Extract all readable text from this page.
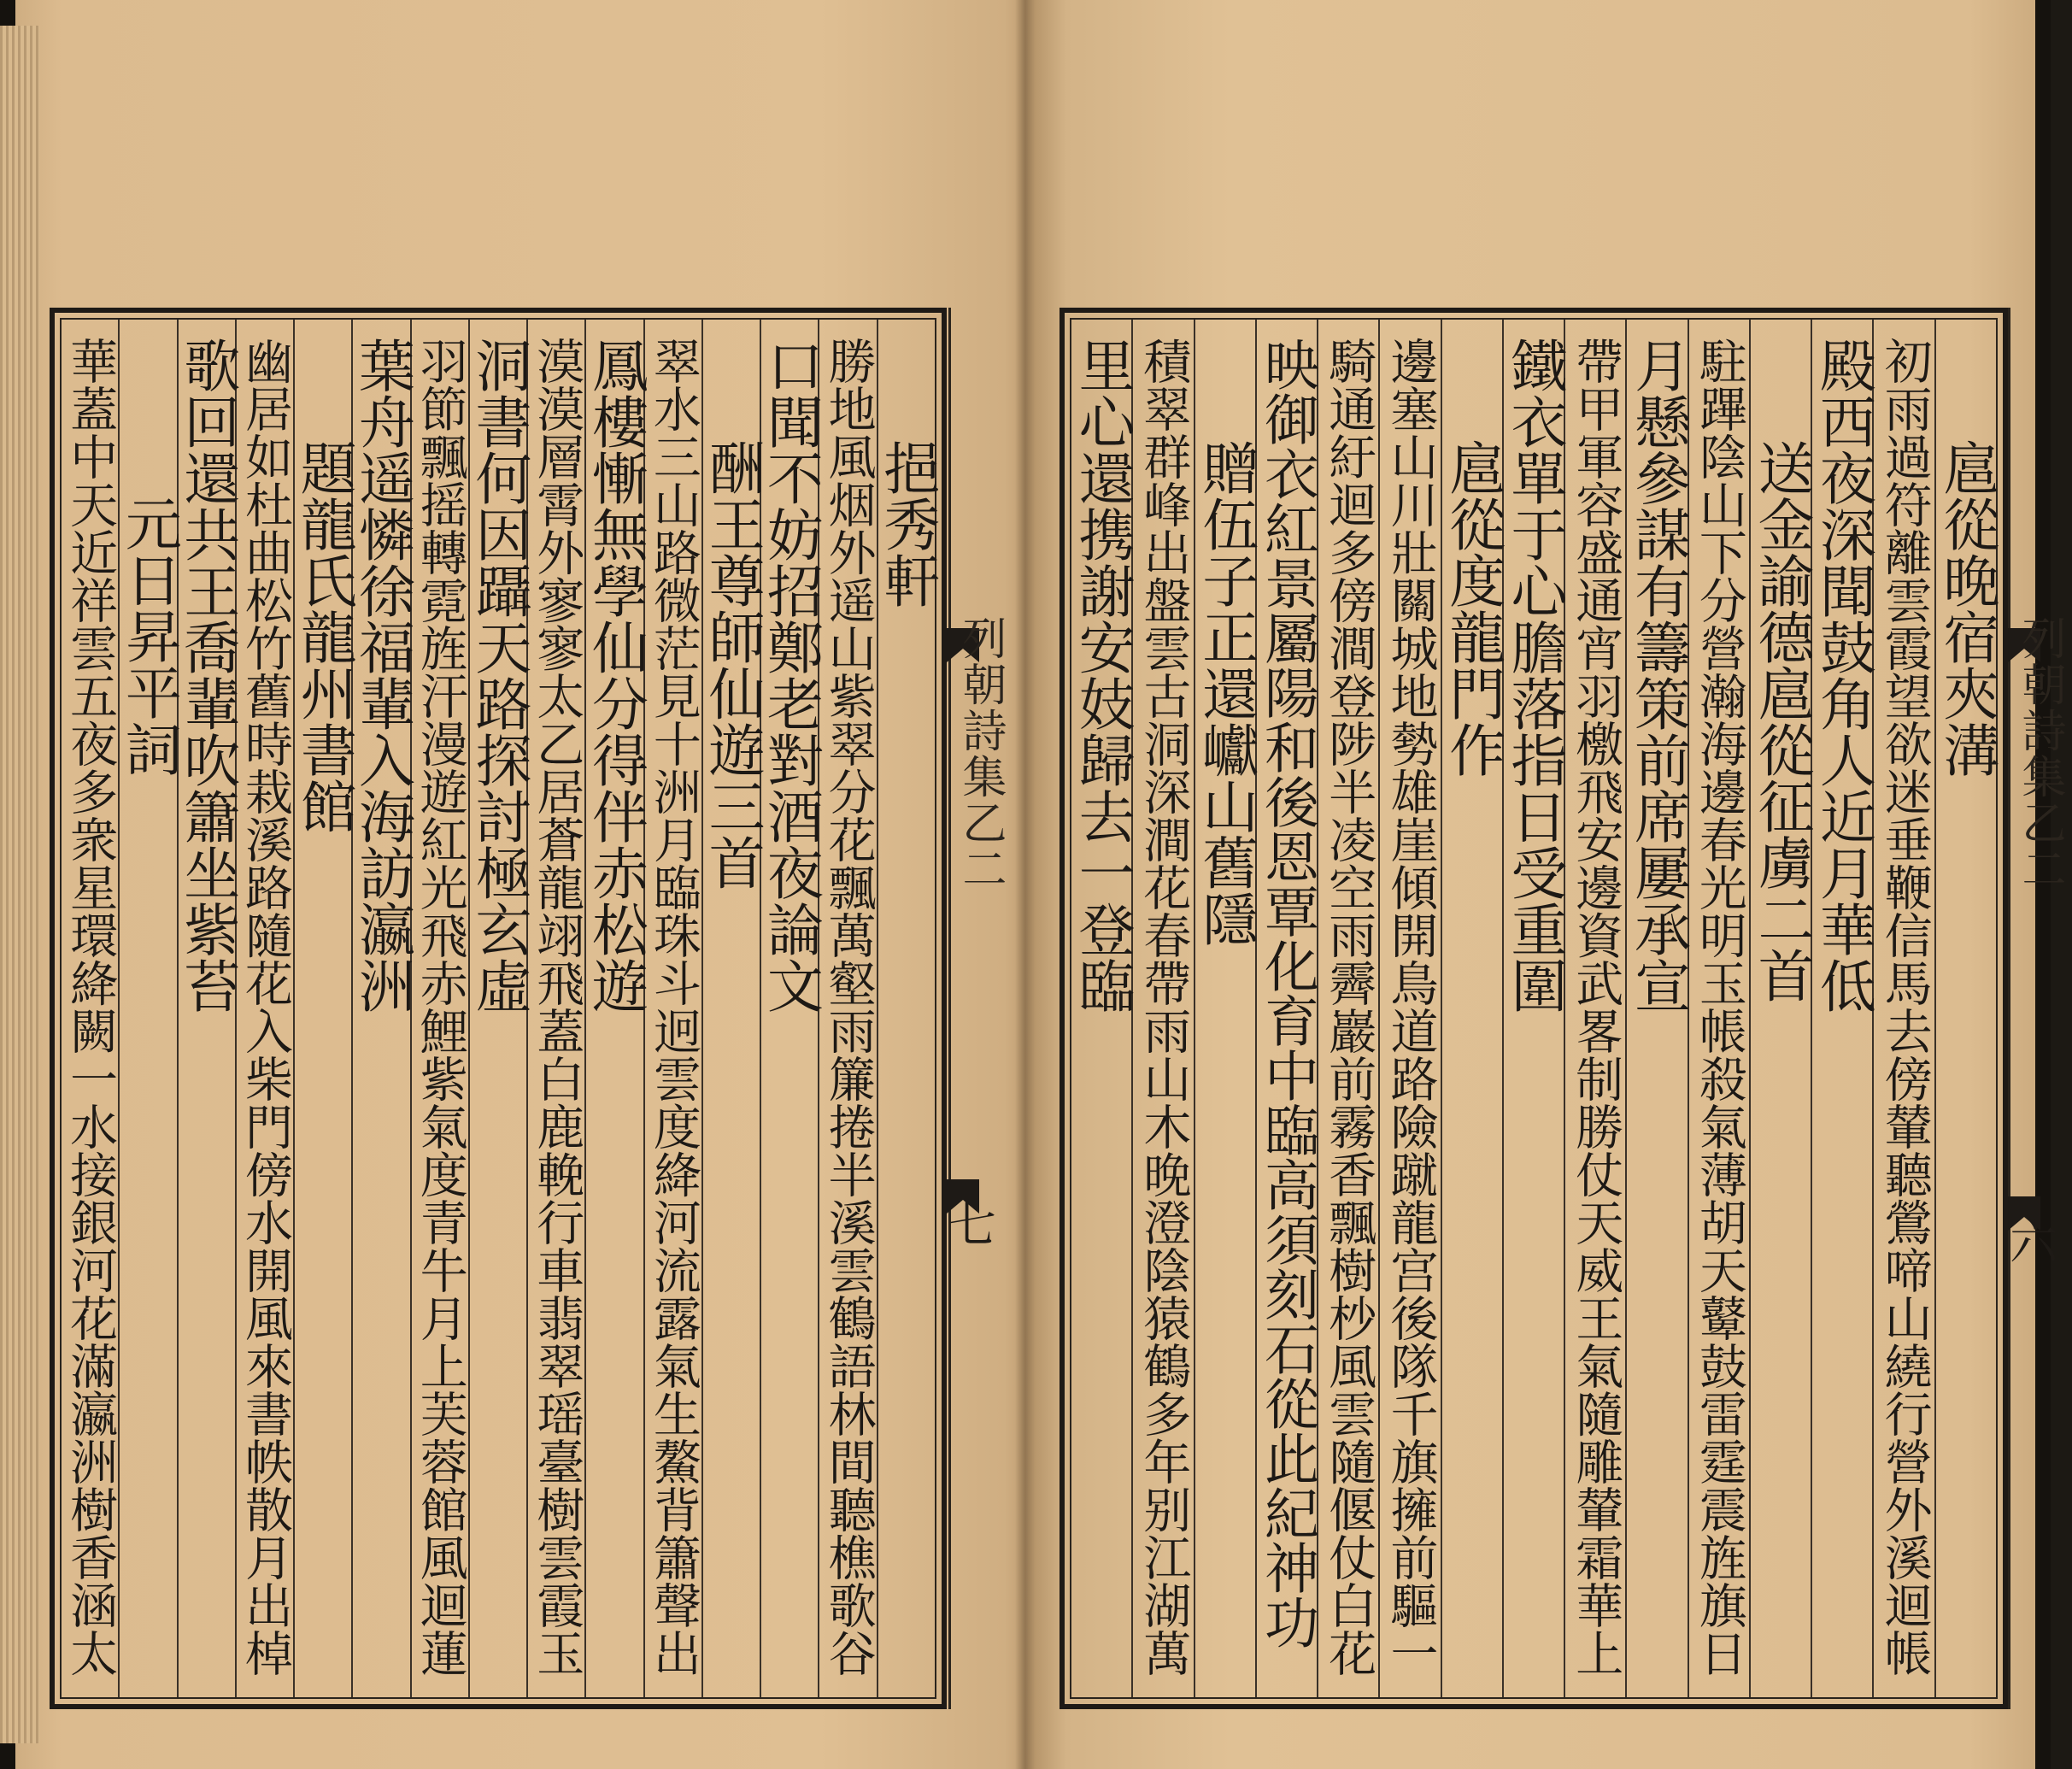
挹秀軒
勝地風烟外遥山紫翠分花飄萬壑雨簾捲半溪雲鶴語林間聽樵歌谷
口聞不妨招鄭老對酒夜論文
酬王尊師仙遊三首
翠水三山路微茫見十洲月臨珠斗迥雲度絳河流露氣生鰲背簫聲出
鳳樓慚無學仙分得伴赤松遊
漠漠層霄外寥寥太乙居蒼龍翊飛蓋白鹿輓行車翡翠瑶臺樹雲霞玉
洞書何因躡天路探討極玄虛
羽節飄摇轉霓旌汗漫遊紅光飛赤鯉紫氣度青牛月上芙蓉館風迴蓮
葉舟遥憐徐福輩入海訪瀛洲
題龍氏龍州書館
幽居如杜曲松竹舊時栽溪路隨花入柴門傍水開風來書帙散月出棹
歌回還共王喬輩吹簫坐紫苔
元日昇平詞
華蓋中天近祥雲五夜多衆星環絳闕一水接銀河花滿瀛洲樹香涵太	列朝詩集乙二
七
扈從晚宿夾溝
初雨過符離雲霞望欲迷垂鞭信馬去傍輦聽鶯啼山繞行營外溪迴帳
殿西夜深聞鼓角人近月華低
送金諭德扈從征虜二首
駐蹕陰山下分營瀚海邊春光明玉帳殺氣薄胡天鼙鼓雷霆震旌旗日
月懸參謀有籌策前席屢承宣
帶甲軍容盛通宵羽檄飛安邊資武畧制勝仗天威王氣隨雕輦霜華上
鐵衣單于心膽落指日受重圍
扈從度龍門作
邊塞山川壯關城地勢雄崖傾開鳥道路險蹴龍宫後隊千旗擁前驅一
騎通紆迴多傍澗登陟半凌空雨霽巖前霧香飄樹杪風雲隨偃仗白花
映御衣紅景屬陽和後恩覃化育中臨高須刻石從此紀神功
贈伍子正還巘山舊隱
積翠群峰出盤雲古洞深澗花春帶雨山木晚澄陰猿鶴多年别江湖萬
里心還携謝安妓歸去一登臨	列朝詩集乙二
六
